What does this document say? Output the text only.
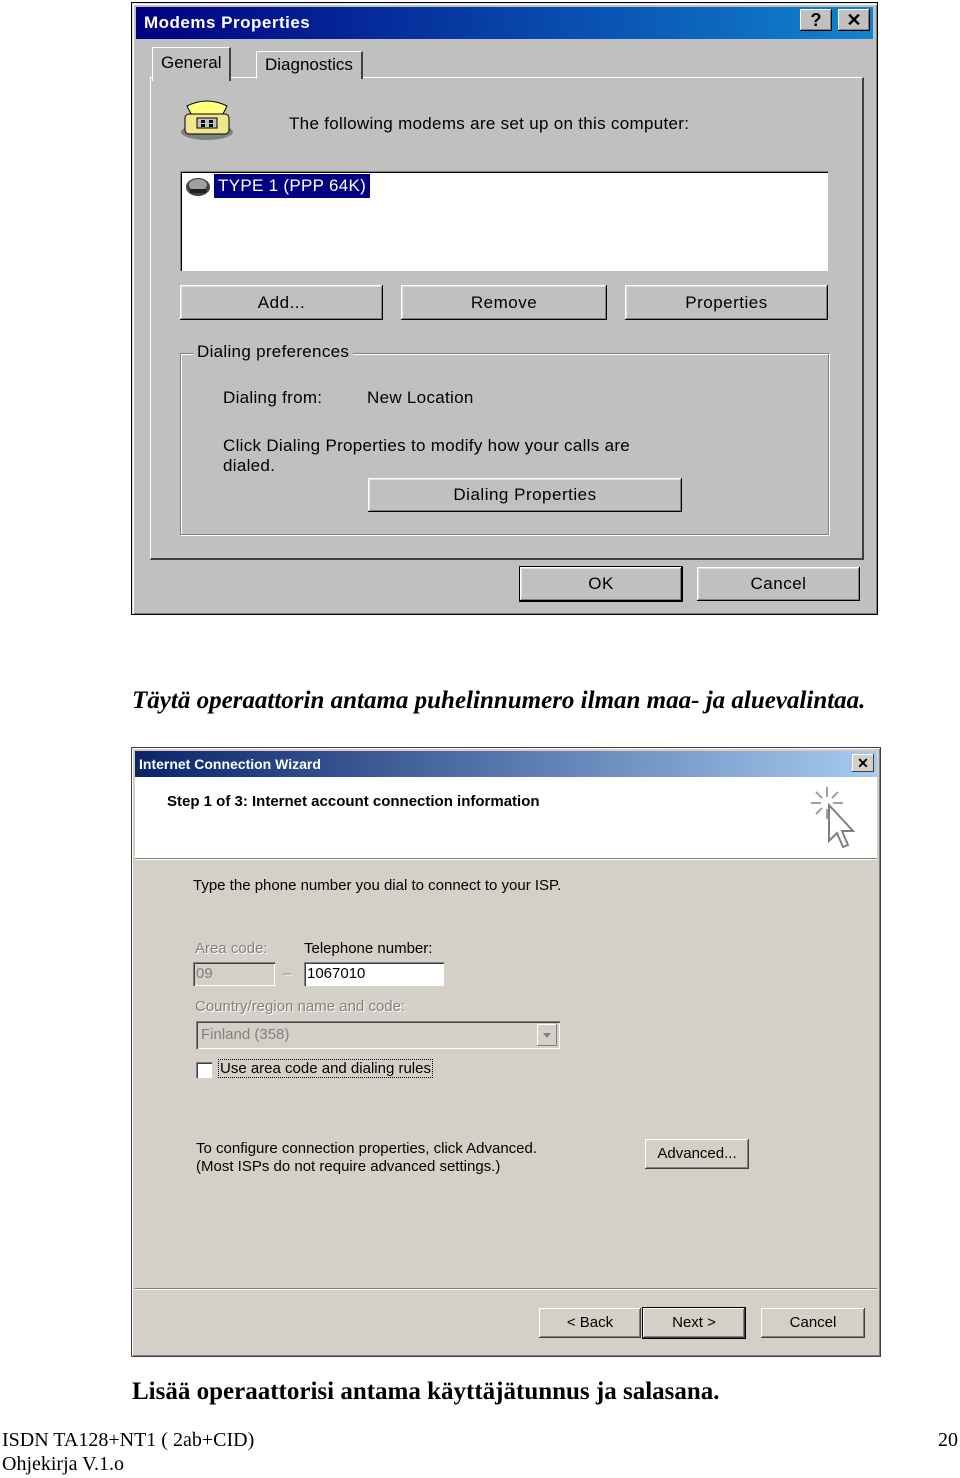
Modems Properties	?	✕
The following modems are set up on this computer:
General	Diagnostics
TYPE 1 (PPP 64K)
Add...	Remove	Properties
Dialing preferences
Dialing from:	New Location
Click Dialing Properties to modify how your calls are
dialed.
Dialing Properties
OK	Cancel
Täytä operaattorin antama puhelinnumero ilman maa- ja aluevalintaa.
Internet Connection Wizard	✕
Step 1 of 3: Internet account connection information
Type the phone number you dial to connect to your ISP.
Area code: Telephone number:
09	– 1067010
Country/region name and code:
Finland (358)
Use area code and dialing rules
To configure connection properties, click Advanced.
(Most ISPs do not require advanced settings.)
Advanced...
< Back	Next >	Cancel
Lisää operaattorisi antama käyttäjätunnus ja salasana.
ISDN TA128+NT1 ( 2ab+CID)
Ohjekirja V.1.o
20
